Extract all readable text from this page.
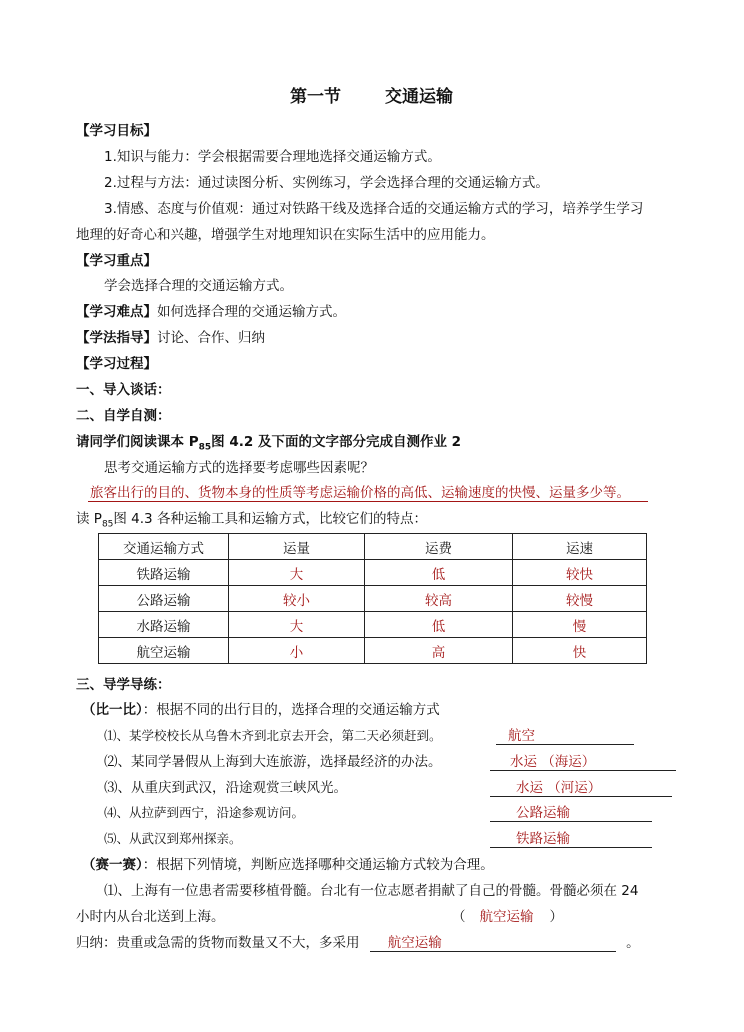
第一节	交通运输
【学习目标】
1.知识与能力：学会根据需要合理地选择交通运输方式。
2.过程与方法：通过读图分析、实例练习，学会选择合理的交通运输方式。
3.情感、态度与价值观：通过对铁路干线及选择合适的交通运输方式的学习，培养学生学习
地理的好奇心和兴趣，增强学生对地理知识在实际生活中的应用能力。
【学习重点】
学会选择合理的交通运输方式。
【学习难点】如何选择合理的交通运输方式。
【学法指导】讨论、合作、归纳
【学习过程】
一、导入谈话：
二、自学自测：
请同学们阅读课本 $P_{85}$图 4.2 及下面的文字部分完成自测作业 2
思考交通运输方式的选择要考虑哪些因素呢？
旅客出行的目的、货物本身的性质等考虑运输价格的高低、运输速度的快慢、运量多少等。
读 $P_{85}$图 4.3 各种运输工具和运输方式，比较它们的特点：
交通运输方式	运量	运费	运速
铁路运输	大	低	较快
公路运输	较小	较高	较慢
水路运输	大	低	慢
航空运输	小	高	快
三、导学导练：
（比一比）：根据不同的出行目的，选择合理的交通运输方式
⑴、某学校校长从乌鲁木齐到北京去开会，第二天必须赶到。	航空
⑵、某同学暑假从上海到大连旅游，选择最经济的办法。	水运 （海运）
⑶、从重庆到武汉，沿途观赏三峡风光。	水运 （河运）
⑷、从拉萨到西宁，沿途参观访问。	公路运输
⑸、从武汉到郑州探亲。	铁路运输
（赛一赛）：根据下列情境，判断应选择哪种交通运输方式较为合理。
⑴、上海有一位患者需要移植骨髓。台北有一位志愿者捐献了自己的骨髓。骨髓必须在 24
小时内从台北送到上海。	（ 航空运输 ）
归纳：贵重或急需的货物而数量又不大，多采用 航空运输	。
